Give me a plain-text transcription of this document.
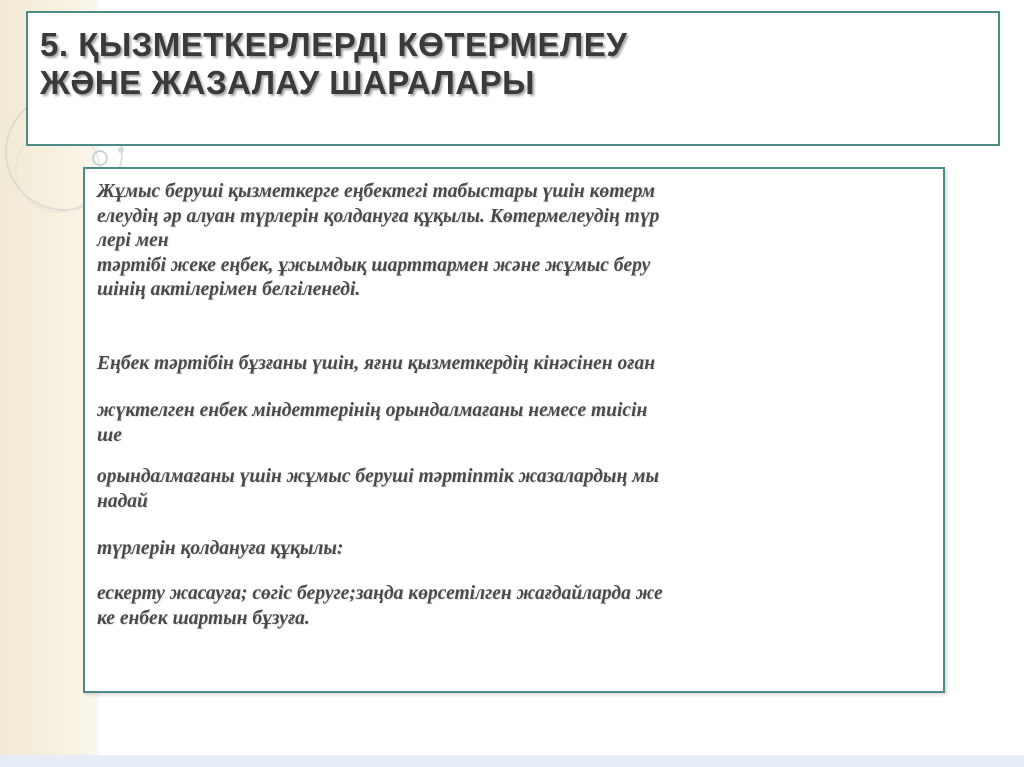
5. ҚЫЗМЕТКЕРЛЕРДІ КӨТЕРМЕЛЕУ
ЖӘНЕ ЖАЗАЛАУ ШАРАЛАРЫ

Жұмыс беруші қызметкерге еңбектегі табыстары үшін көтерм
елеудің әр алуан түрлерін қолдануға құқылы. Көтермелеудің түр
лері мен
тәртібі жеке еңбек, ұжымдық шарттармен және жұмыс беру
шінің актілерімен белгіленеді.

Еңбек тәртібін бұзғаны үшін, яғни қызметкердің кінәсінен оған

жүктелген енбек міндеттерінің орындалмағаны немесе тиісін
ше

орындалмағаны үшін жұмыс беруші тәртіптік жазалардың мы
надай

түрлерін қолдануға құқылы:

ескерту жасауға; сөгіс беруге;заңда көрсетілген жағдайларда же
ке енбек шартын бұзуға.
